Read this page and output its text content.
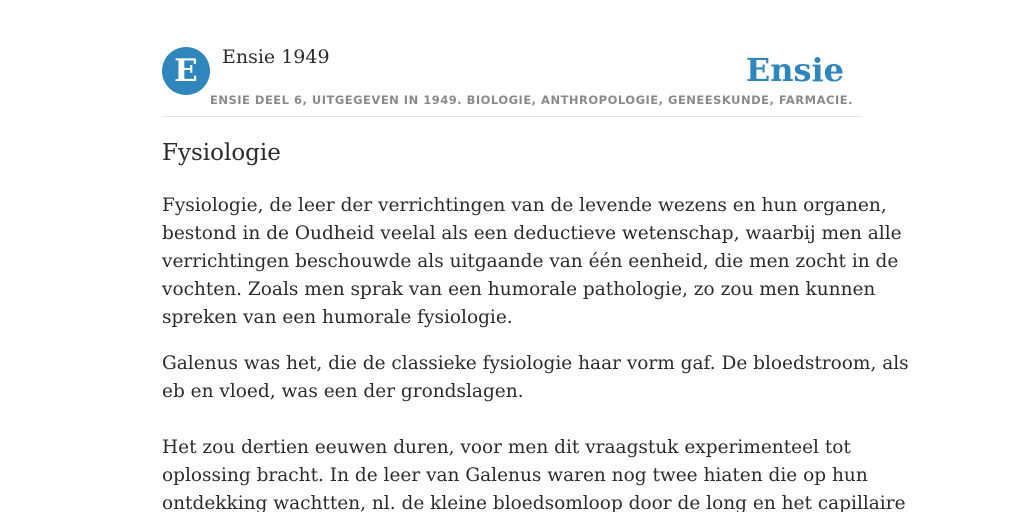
E	Ensie 1949	Ensie
ENSIE DEEL 6, UITGEGEVEN IN 1949. BIOLOGIE, ANTHROPOLOGIE, GENEESKUNDE, FARMACIE.
Fysiologie

Fysiologie, de leer der verrichtingen van de levende wezens en hun organen,
bestond in de Oudheid veelal als een deductieve wetenschap, waarbij men alle
verrichtingen beschouwde als uitgaande van één eenheid, die men zocht in de
vochten. Zoals men sprak van een humorale pathologie, zo zou men kunnen
spreken van een humorale fysiologie.

Galenus was het, die de classieke fysiologie haar vorm gaf. De bloedstroom, als
eb en vloed, was een der grondslagen.

Het zou dertien eeuwen duren, voor men dit vraagstuk experimenteel tot
oplossing bracht. In de leer van Galenus waren nog twee hiaten die op hun
ontdekking wachtten, nl. de kleine bloedsomloop door de long en het capillaire
